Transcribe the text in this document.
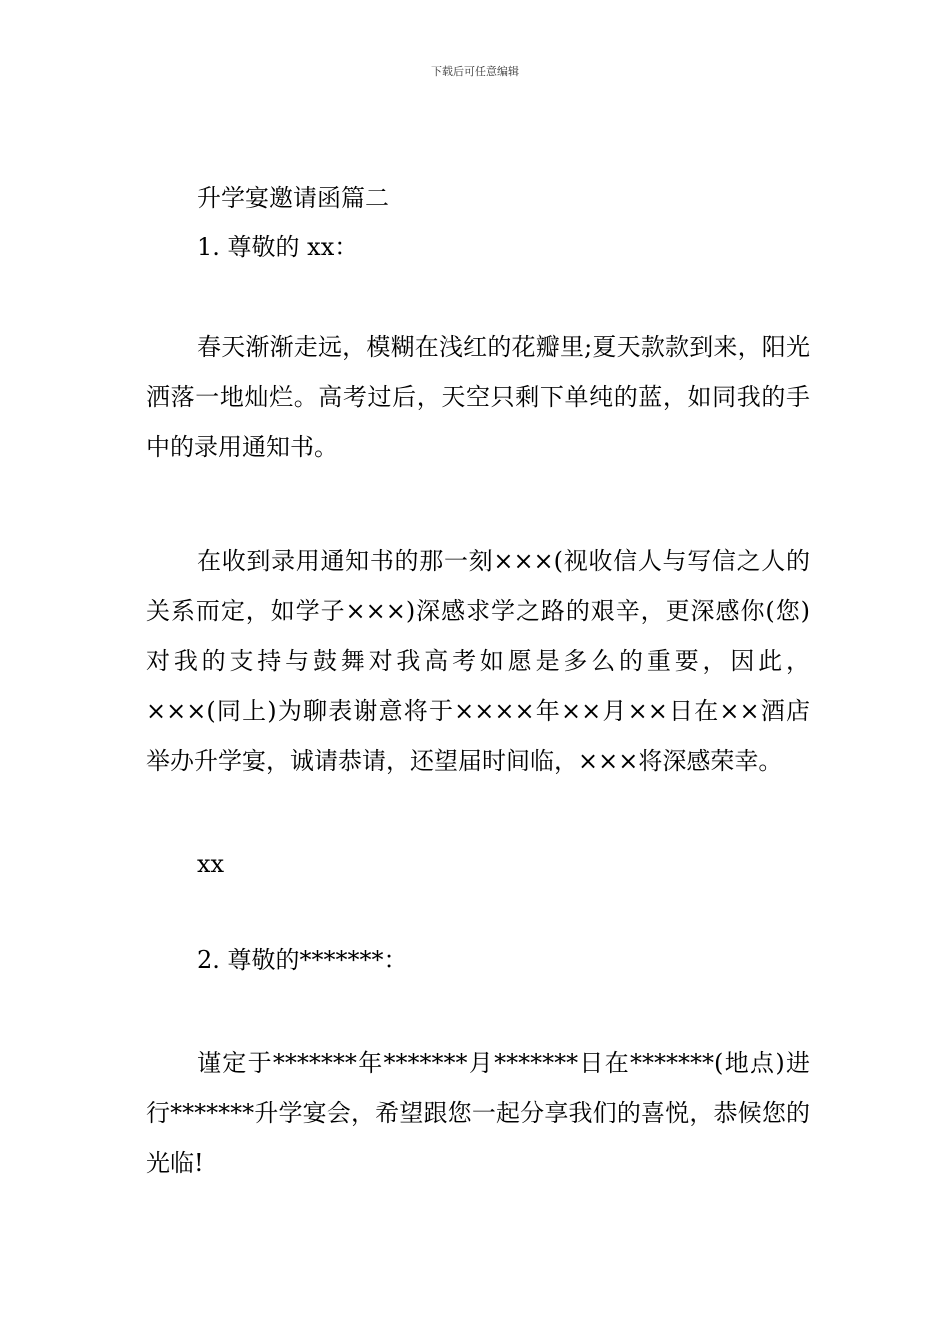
下载后可任意编辑

升学宴邀请函篇二

1. 尊敬的 xx：

春天渐渐走远，模糊在浅红的花瓣里;夏天款款到来，阳光洒落一地灿烂。高考过后，天空只剩下单纯的蓝，如同我的手中的录用通知书。

在收到录用通知书的那一刻×××(视收信人与写信之人的关系而定，如学子×××)深感求学之路的艰辛，更深感你(您)对我的支持与鼓舞对我高考如愿是多么的重要，因此，×××(同上)为聊表谢意将于××××年××月××日在××酒店举办升学宴，诚请恭请，还望届时间临，×××将深感荣幸。

xx

2. 尊敬的*******：

谨定于*******年*******月*******日在*******(地点)进行*******升学宴会，希望跟您一起分享我们的喜悦，恭候您的光临!
